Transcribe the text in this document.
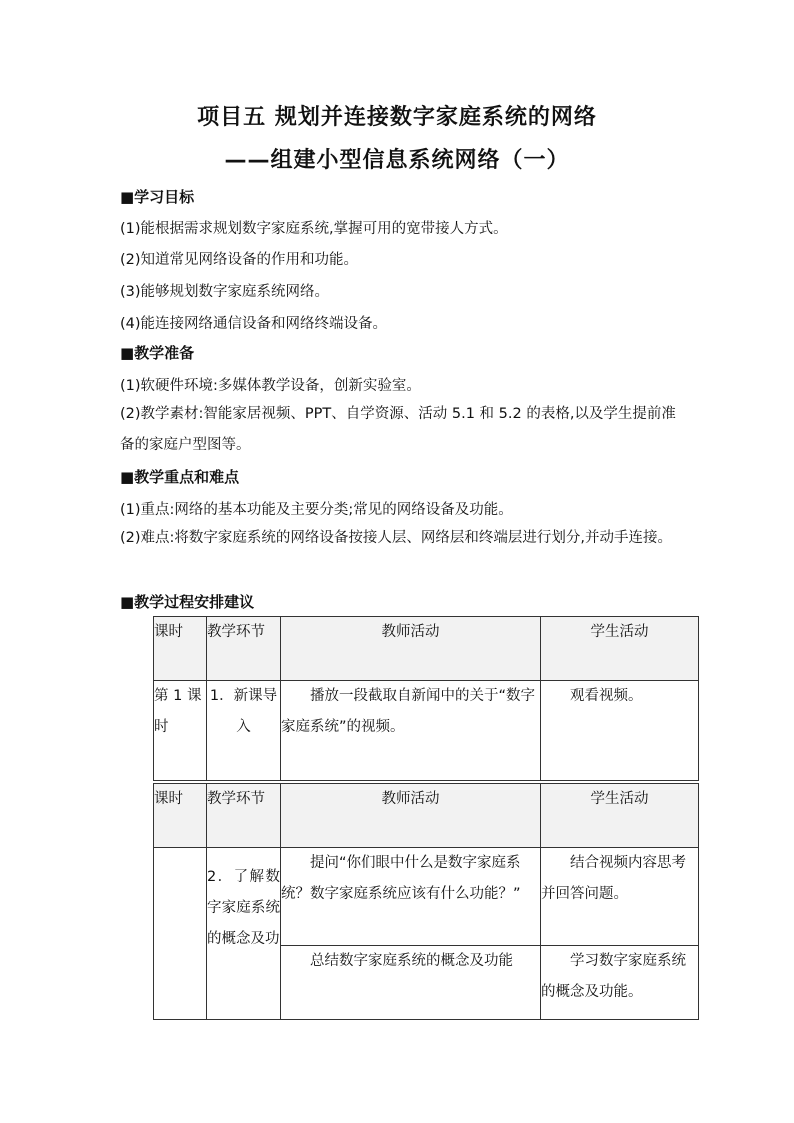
项目五 规划并连接数字家庭系统的网络
——组建小型信息系统网络（一）
■学习目标
(1)能根据需求规划数字家庭系统,掌握可用的宽带接人方式。
(2)知道常见网络设备的作用和功能。
(3)能够规划数字家庭系统网络。
(4)能连接网络通信设备和网络终端设备。
■教学准备
(1)软硬件环境:多媒体教学设备，创新实验室。
(2)教学素材:智能家居视频、PPT、自学资源、活动 5.1 和 5.2 的表格,以及学生提前准备的家庭户型图等。
■教学重点和难点
(1)重点:网络的基本功能及主要分类;常见的网络设备及功能。
(2)难点:将数字家庭系统的网络设备按接人层、网络层和终端层进行划分,并动手连接。
■教学过程安排建议
课时	教学环节	教师活动	学生活动
第 1 课时	1．新课导入	播放一段截取自新闻中的关于“数字家庭系统”的视频。	观看视频。
课时	教学环节	教师活动	学生活动
	2．了解数字家庭系统的概念及功	提问“你们眼中什么是数字家庭系统？数字家庭系统应该有什么功能？”	结合视频内容思考并回答问题。
		总结数字家庭系统的概念及功能	学习数字家庭系统的概念及功能。
